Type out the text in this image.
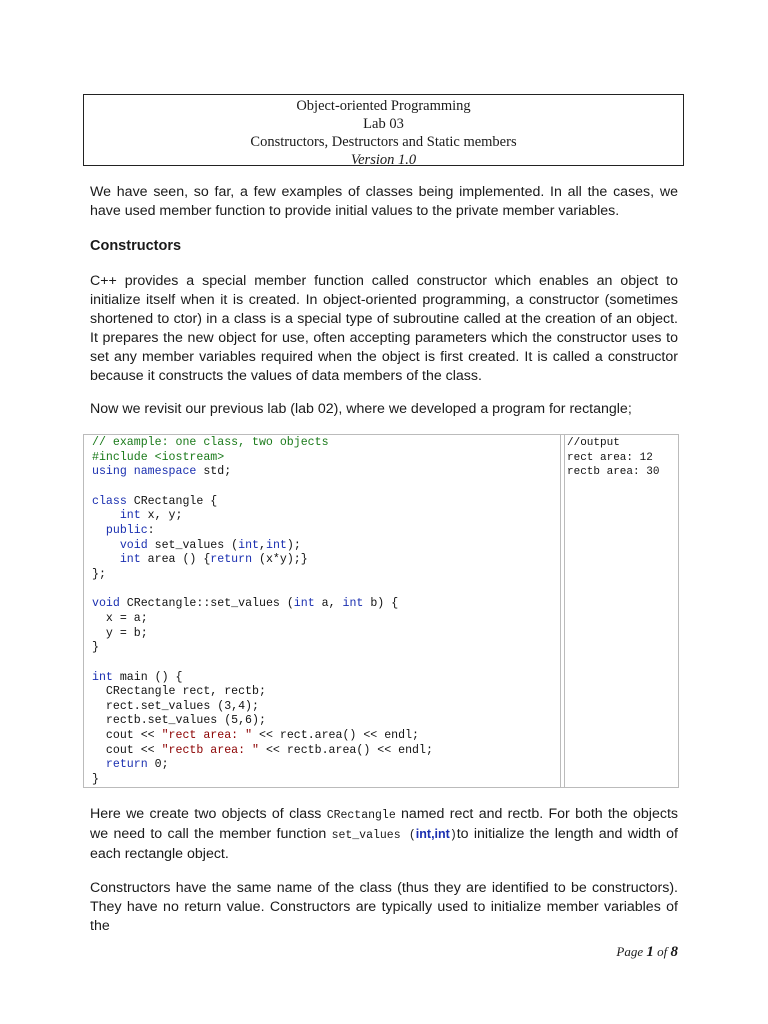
Object-oriented Programming
Lab 03
Constructors, Destructors and Static members
Version 1.0
We have seen, so far, a few examples of classes being implemented. In all the cases, we have used member function to provide initial values to the private member variables.
Constructors
C++ provides a special member function called constructor which enables an object to initialize itself when it is created. In object-oriented programming, a constructor (sometimes shortened to ctor) in a class is a special type of subroutine called at the creation of an object. It prepares the new object for use, often accepting parameters which the constructor uses to set any member variables required when the object is first created. It is called a constructor because it constructs the values of data members of the class.
Now we revisit our previous lab (lab 02), where we developed a program for rectangle;
// example: one class, two objects
#include <iostream>
using namespace std;

class CRectangle {
int x, y;
public:
void set_values (int,int);
int area () {return (x*y);}
};

void CRectangle::set_values (int a, int b) {
x = a;
y = b;
}

int main () {
CRectangle rect, rectb;
rect.set_values (3,4);
rectb.set_values (5,6);
cout << "rect area: " << rect.area() << endl;
cout << "rectb area: " << rectb.area() << endl;
return 0;
}
//output
rect area: 12
rectb area: 30
Here we create two objects of class CRectangle named rect and rectb. For both the objects we need to call the member function set_values (int,int)to initialize the length and width of each rectangle object.
Constructors have the same name of the class (thus they are identified to be constructors). They have no return value. Constructors are typically used to initialize member variables of the
Page 1 of 8
